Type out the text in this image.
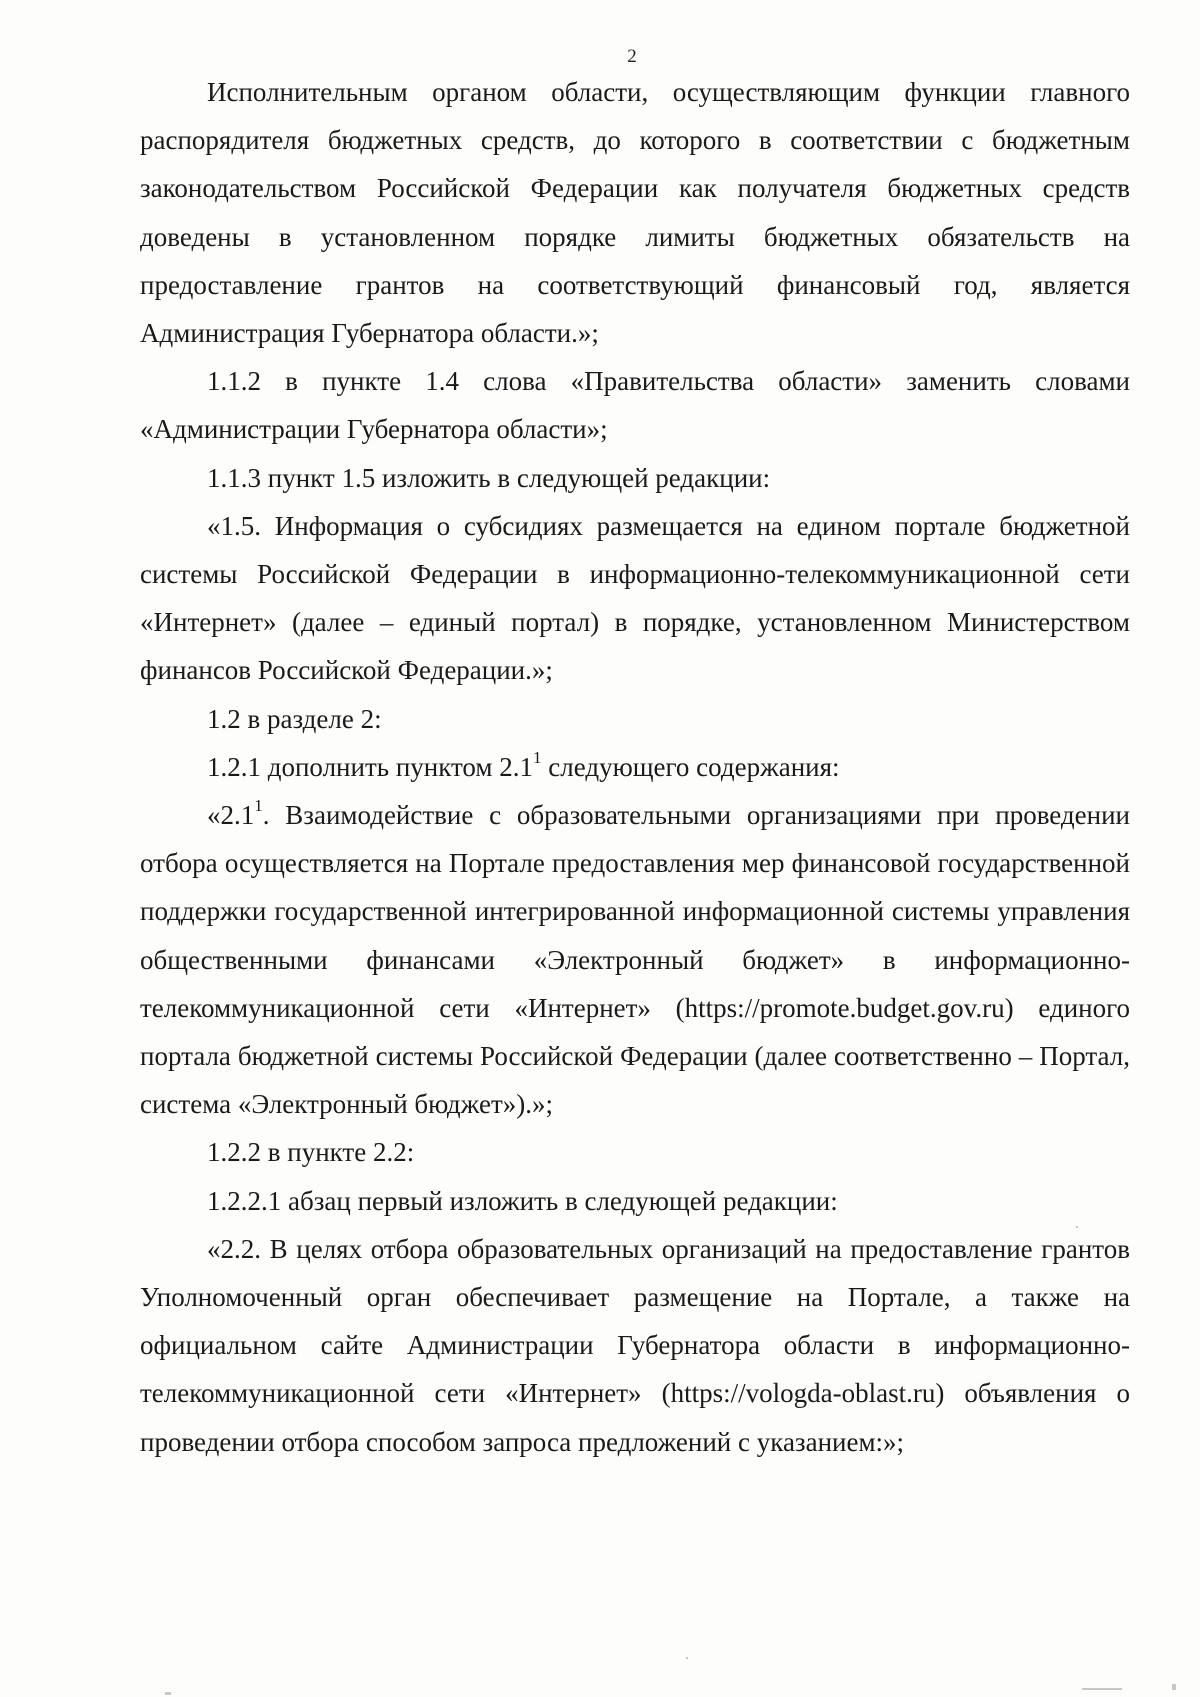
2

Исполнительным органом области, осуществляющим функции главного распорядителя бюджетных средств, до которого в соответствии с бюджетным законодательством Российской Федерации как получателя бюджетных средств доведены в установленном порядке лимиты бюджетных обязательств на предоставление грантов на соответствующий финансовый год, является Администрация Губернатора области.»;

1.1.2 в пункте 1.4 слова «Правительства области» заменить словами «Администрации Губернатора области»;

1.1.3 пункт 1.5 изложить в следующей редакции:

«1.5. Информация о субсидиях размещается на едином портале бюджетной системы Российской Федерации в информационно-телекоммуникационной сети «Интернет» (далее – единый портал) в порядке, установленном Министерством финансов Российской Федерации.»;

1.2 в разделе 2:

1.2.1 дополнить пунктом $2.1^1$ следующего содержания:

«$2.1^1$. Взаимодействие с образовательными организациями при проведении отбора осуществляется на Портале предоставления мер финансовой государственной поддержки государственной интегрированной информационной системы управления общественными финансами «Электронный бюджет» в информационно-телекоммуникационной сети «Интернет» (https://promote.budget.gov.ru) единого портала бюджетной системы Российской Федерации (далее соответственно – Портал, система «Электронный бюджет»).»;

1.2.2 в пункте 2.2:

1.2.2.1 абзац первый изложить в следующей редакции:

«2.2. В целях отбора образовательных организаций на предоставление грантов Уполномоченный орган обеспечивает размещение на Портале, а также на официальном сайте Администрации Губернатора области в информационно-телекоммуникационной сети «Интернет» (https://vologda-oblast.ru) объявления о проведении отбора способом запроса предложений с указанием:»;
